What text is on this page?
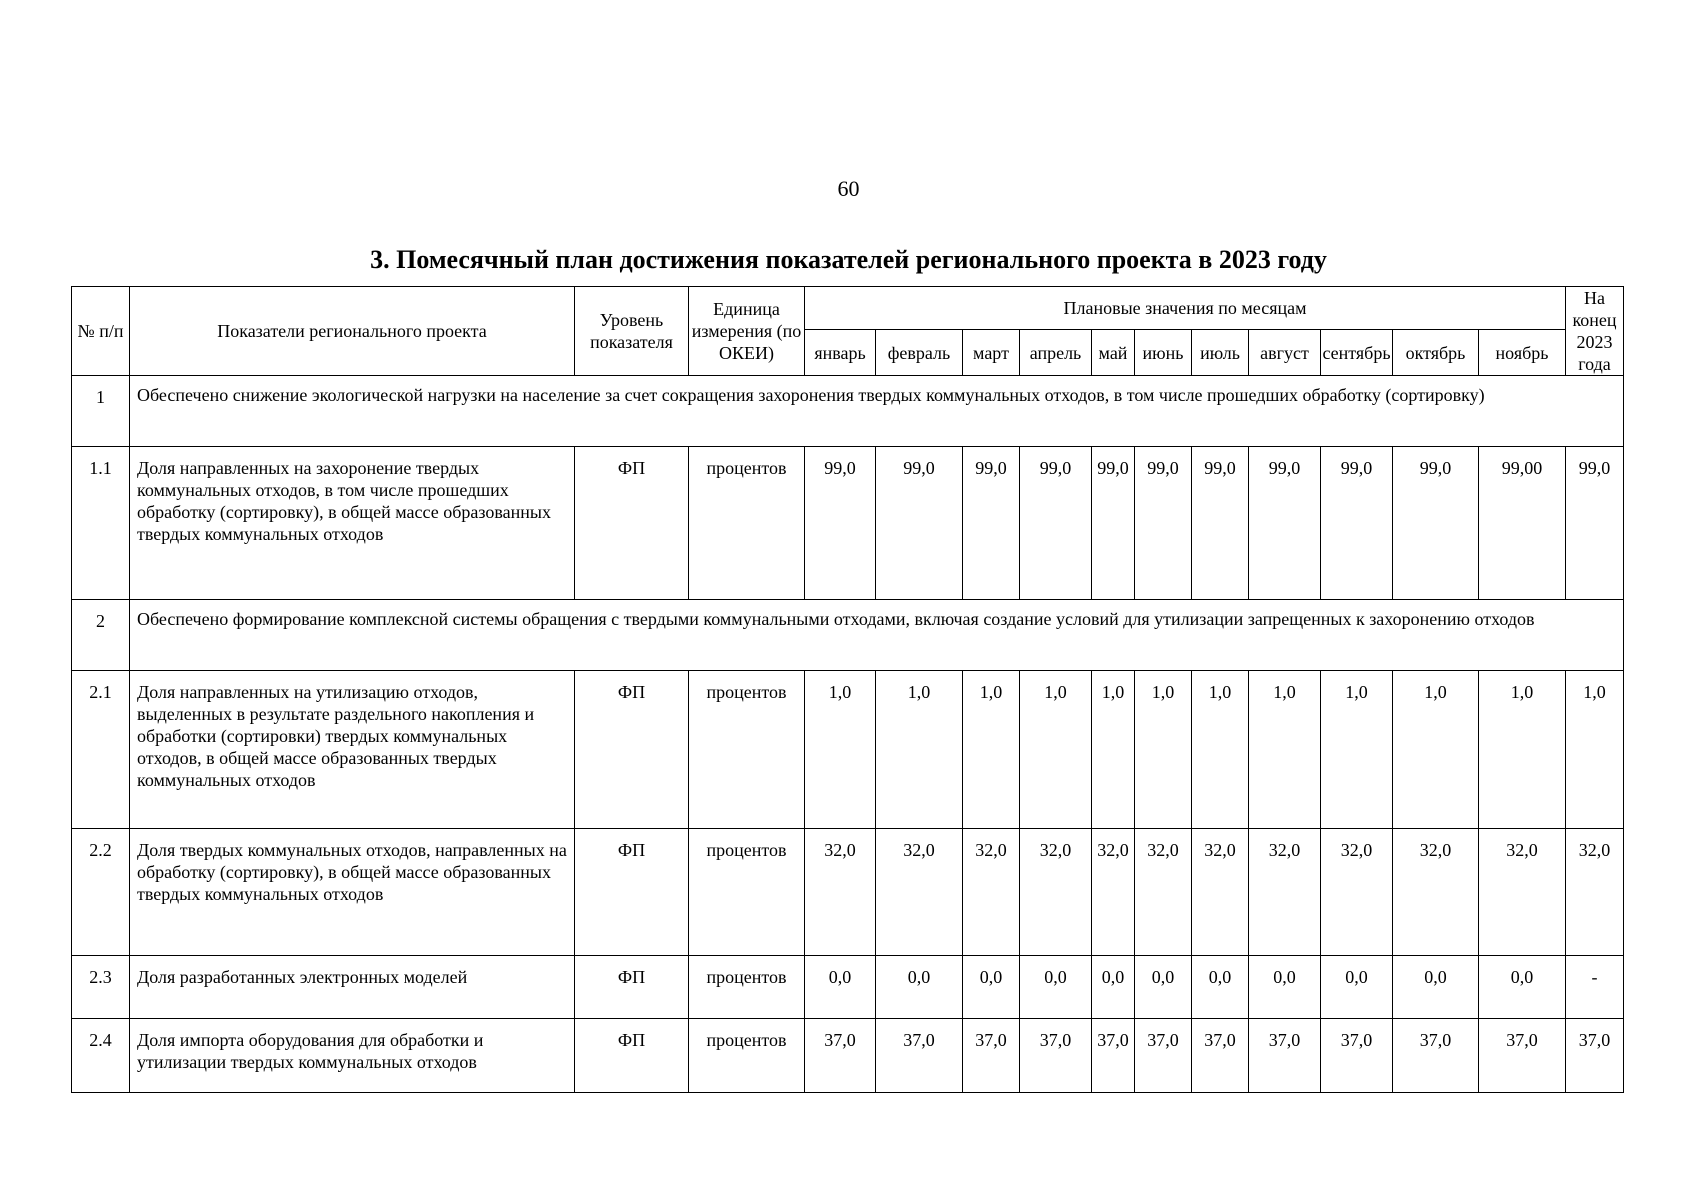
60
3. Помесячный план достижения показателей регионального проекта в 2023 году
№ п/п	Показатели регионального проекта	Уровень показателя	Единица измерения (по ОКЕИ)	Плановые значения по месяцам											На конец 2023 года
				январь	февраль	март	апрель	май	июнь	июль	август	сентябрь	октябрь	ноябрь	
1	Обеспечено снижение экологической нагрузки на население за счет сокращения захоронения твердых коммунальных отходов, в том числе прошедших обработку (сортировку)														
1.1	Доля направленных на захоронение твердых коммунальных отходов, в том числе прошедших обработку (сортировку), в общей массе образованных твердых коммунальных отходов	ФП	процентов	99,0	99,0	99,0	99,0	99,0	99,0	99,0	99,0	99,0	99,0	99,00	99,0
2	Обеспечено формирование комплексной системы обращения с твердыми коммунальными отходами, включая создание условий для утилизации запрещенных к захоронению отходов														
2.1	Доля направленных на утилизацию отходов, выделенных в результате раздельного накопления и обработки (сортировки) твердых коммунальных отходов, в общей массе образованных твердых коммунальных отходов	ФП	процентов	1,0	1,0	1,0	1,0	1,0	1,0	1,0	1,0	1,0	1,0	1,0	1,0
2.2	Доля твердых коммунальных отходов, направленных на обработку (сортировку), в общей массе образованных твердых коммунальных отходов	ФП	процентов	32,0	32,0	32,0	32,0	32,0	32,0	32,0	32,0	32,0	32,0	32,0	32,0
2.3	Доля разработанных электронных моделей	ФП	процентов	0,0	0,0	0,0	0,0	0,0	0,0	0,0	0,0	0,0	0,0	0,0	-
2.4	Доля импорта оборудования для обработки и утилизации твердых коммунальных отходов	ФП	процентов	37,0	37,0	37,0	37,0	37,0	37,0	37,0	37,0	37,0	37,0	37,0	37,0
